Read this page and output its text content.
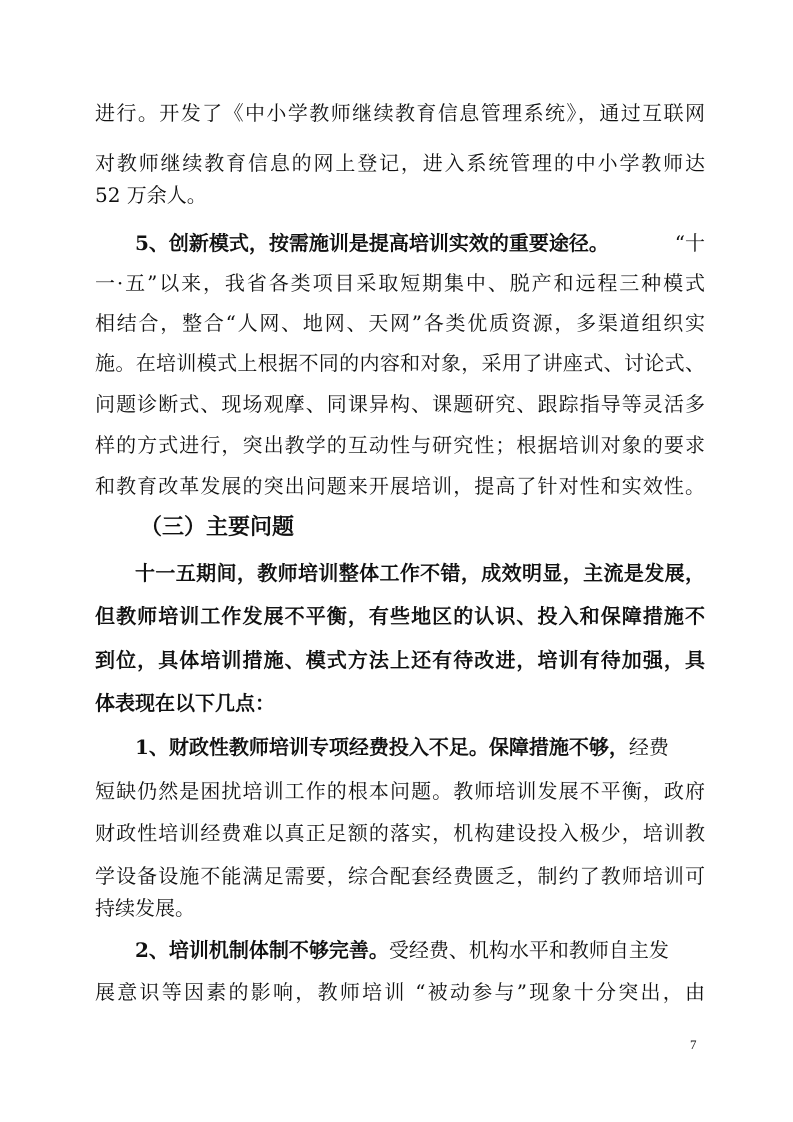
进行。开发了《中小学教师继续教育信息管理系统》，通过互联网
对教师继续教育信息的网上登记，进入系统管理的中小学教师达
52 万余人。
5、创新模式，按需施训是提高培训实效的重要途径。	“十
一·五”以来，我省各类项目采取短期集中、脱产和远程三种模式
相结合，整合“人网、地网、天网”各类优质资源，多渠道组织实
施。在培训模式上根据不同的内容和对象，采用了讲座式、讨论式、
问题诊断式、现场观摩、同课异构、课题研究、跟踪指导等灵活多
样的方式进行，突出教学的互动性与研究性；根据培训对象的要求
和教育改革发展的突出问题来开展培训，提高了针对性和实效性。
（三）主要问题
十一五期间，教师培训整体工作不错，成效明显，主流是发展，
但教师培训工作发展不平衡，有些地区的认识、投入和保障措施不
到位，具体培训措施、模式方法上还有待改进，培训有待加强，具
体表现在以下几点：
1、财政性教师培训专项经费投入不足。保障措施不够，经费
短缺仍然是困扰培训工作的根本问题。教师培训发展不平衡，政府
财政性培训经费难以真正足额的落实，机构建设投入极少，培训教
学设备设施不能满足需要，综合配套经费匮乏，制约了教师培训可
持续发展。
2、培训机制体制不够完善。受经费、机构水平和教师自主发
展意识等因素的影响，教师培训 “被动参与”现象十分突出，由
7
